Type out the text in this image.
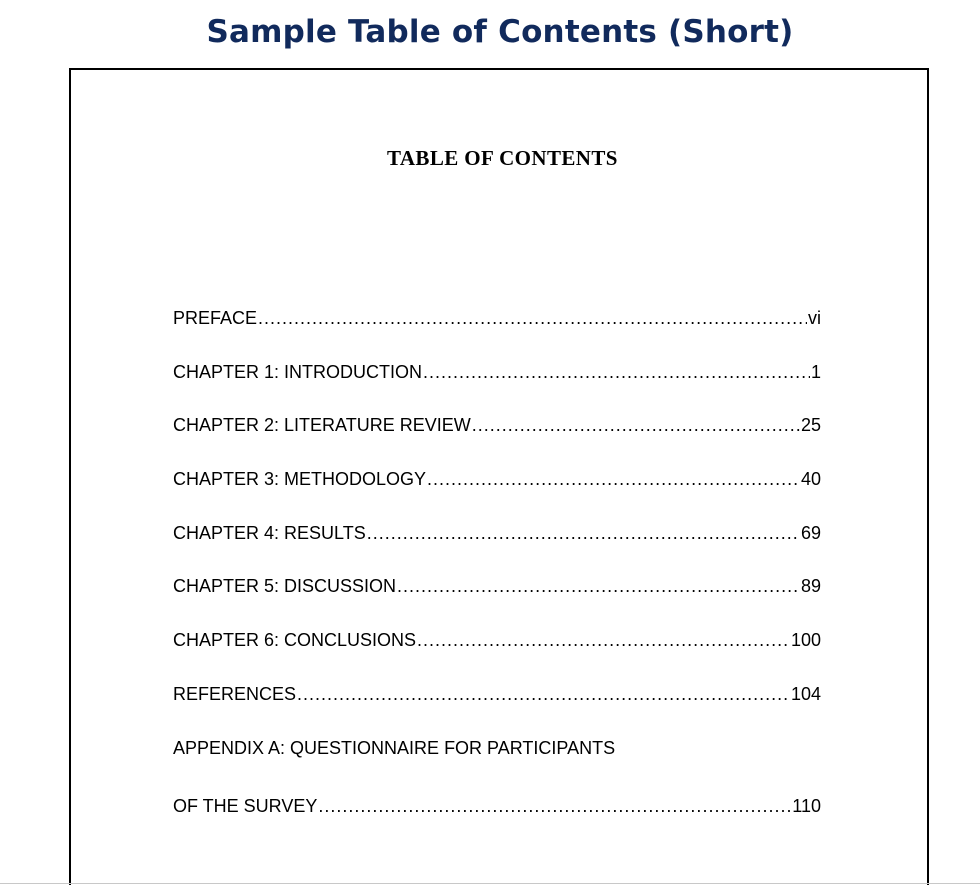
Sample Table of Contents (Short)
TABLE OF CONTENTS
PREFACE .....	vi
CHAPTER 1: INTRODUCTION .....	1
CHAPTER 2: LITERATURE REVIEW .....	25
CHAPTER 3: METHODOLOGY .....	40
CHAPTER 4: RESULTS .....	69
CHAPTER 5: DISCUSSION .....	89
CHAPTER 6: CONCLUSIONS .....	100
REFERENCES .....	104
APPENDIX A: QUESTIONNAIRE FOR PARTICIPANTS
OF THE SURVEY .....	110
